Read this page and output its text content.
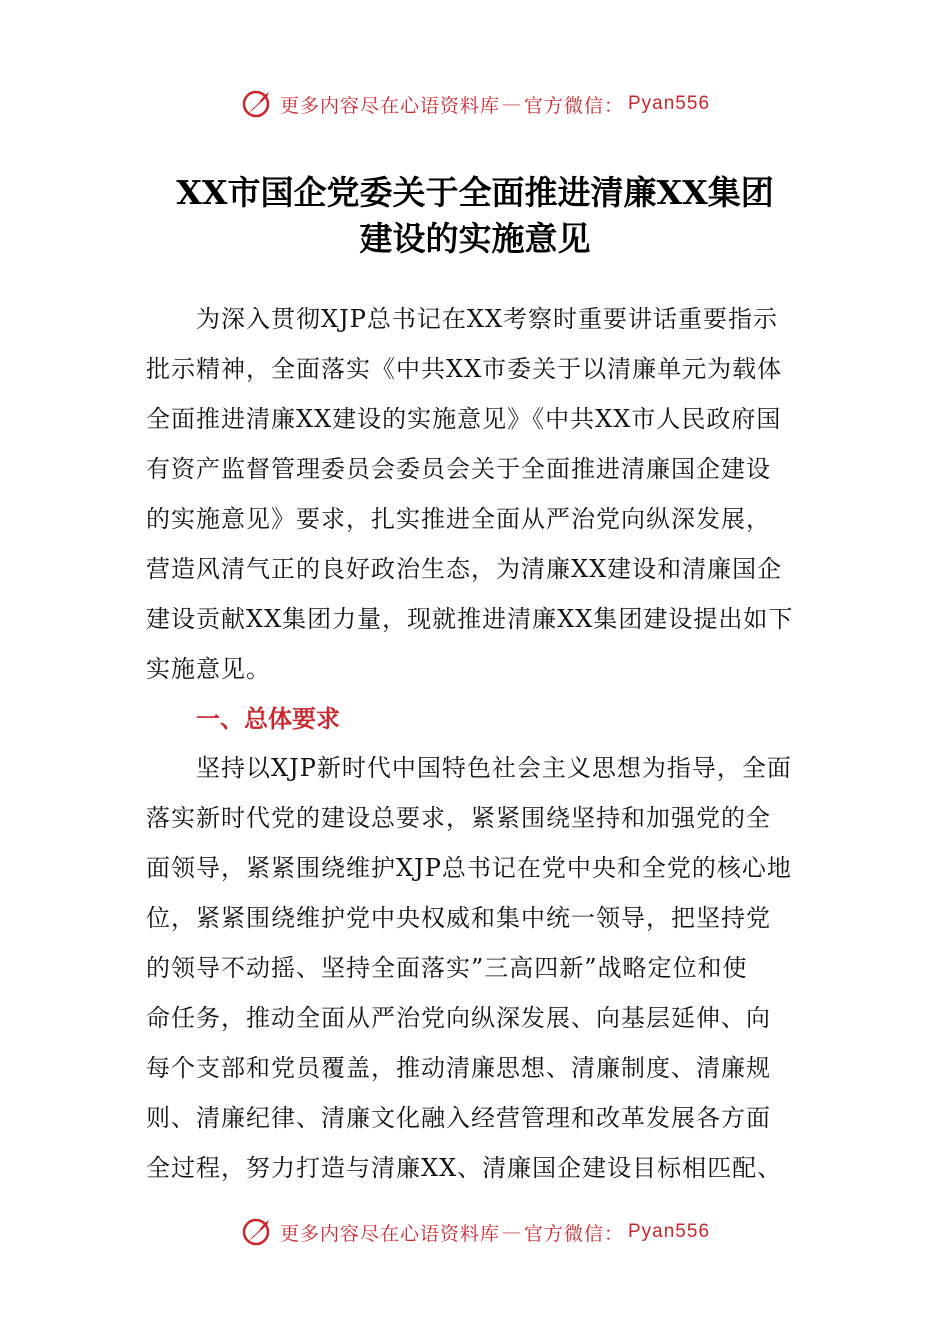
更多内容尽在心语资料库 — 官方微信： Pyan556
XX市国企党委关于全面推进清廉XX集团
建设的实施意见
为深入贯彻XJP总书记在XX考察时重要讲话重要指示
批示精神，全面落实《中共XX市委关于以清廉单元为载体
全面推进清廉XX建设的实施意见》《中共XX市人民政府国
有资产监督管理委员会委员会关于全面推进清廉国企建设
的实施意见》要求，扎实推进全面从严治党向纵深发展，
营造风清气正的良好政治生态，为清廉XX建设和清廉国企
建设贡献XX集团力量，现就推进清廉XX集团建设提出如下
实施意见。
一、总体要求
坚持以XJP新时代中国特色社会主义思想为指导，全面
落实新时代党的建设总要求，紧紧围绕坚持和加强党的全
面领导，紧紧围绕维护XJP总书记在党中央和全党的核心地
位，紧紧围绕维护党中央权威和集中统一领导，把坚持党
的领导不动摇、坚持全面落实”三高四新”战略定位和使
命任务，推动全面从严治党向纵深发展、向基层延伸、向
每个支部和党员覆盖，推动清廉思想、清廉制度、清廉规
则、清廉纪律、清廉文化融入经营管理和改革发展各方面
全过程，努力打造与清廉XX、清廉国企建设目标相匹配、
更多内容尽在心语资料库 — 官方微信： Pyan556
